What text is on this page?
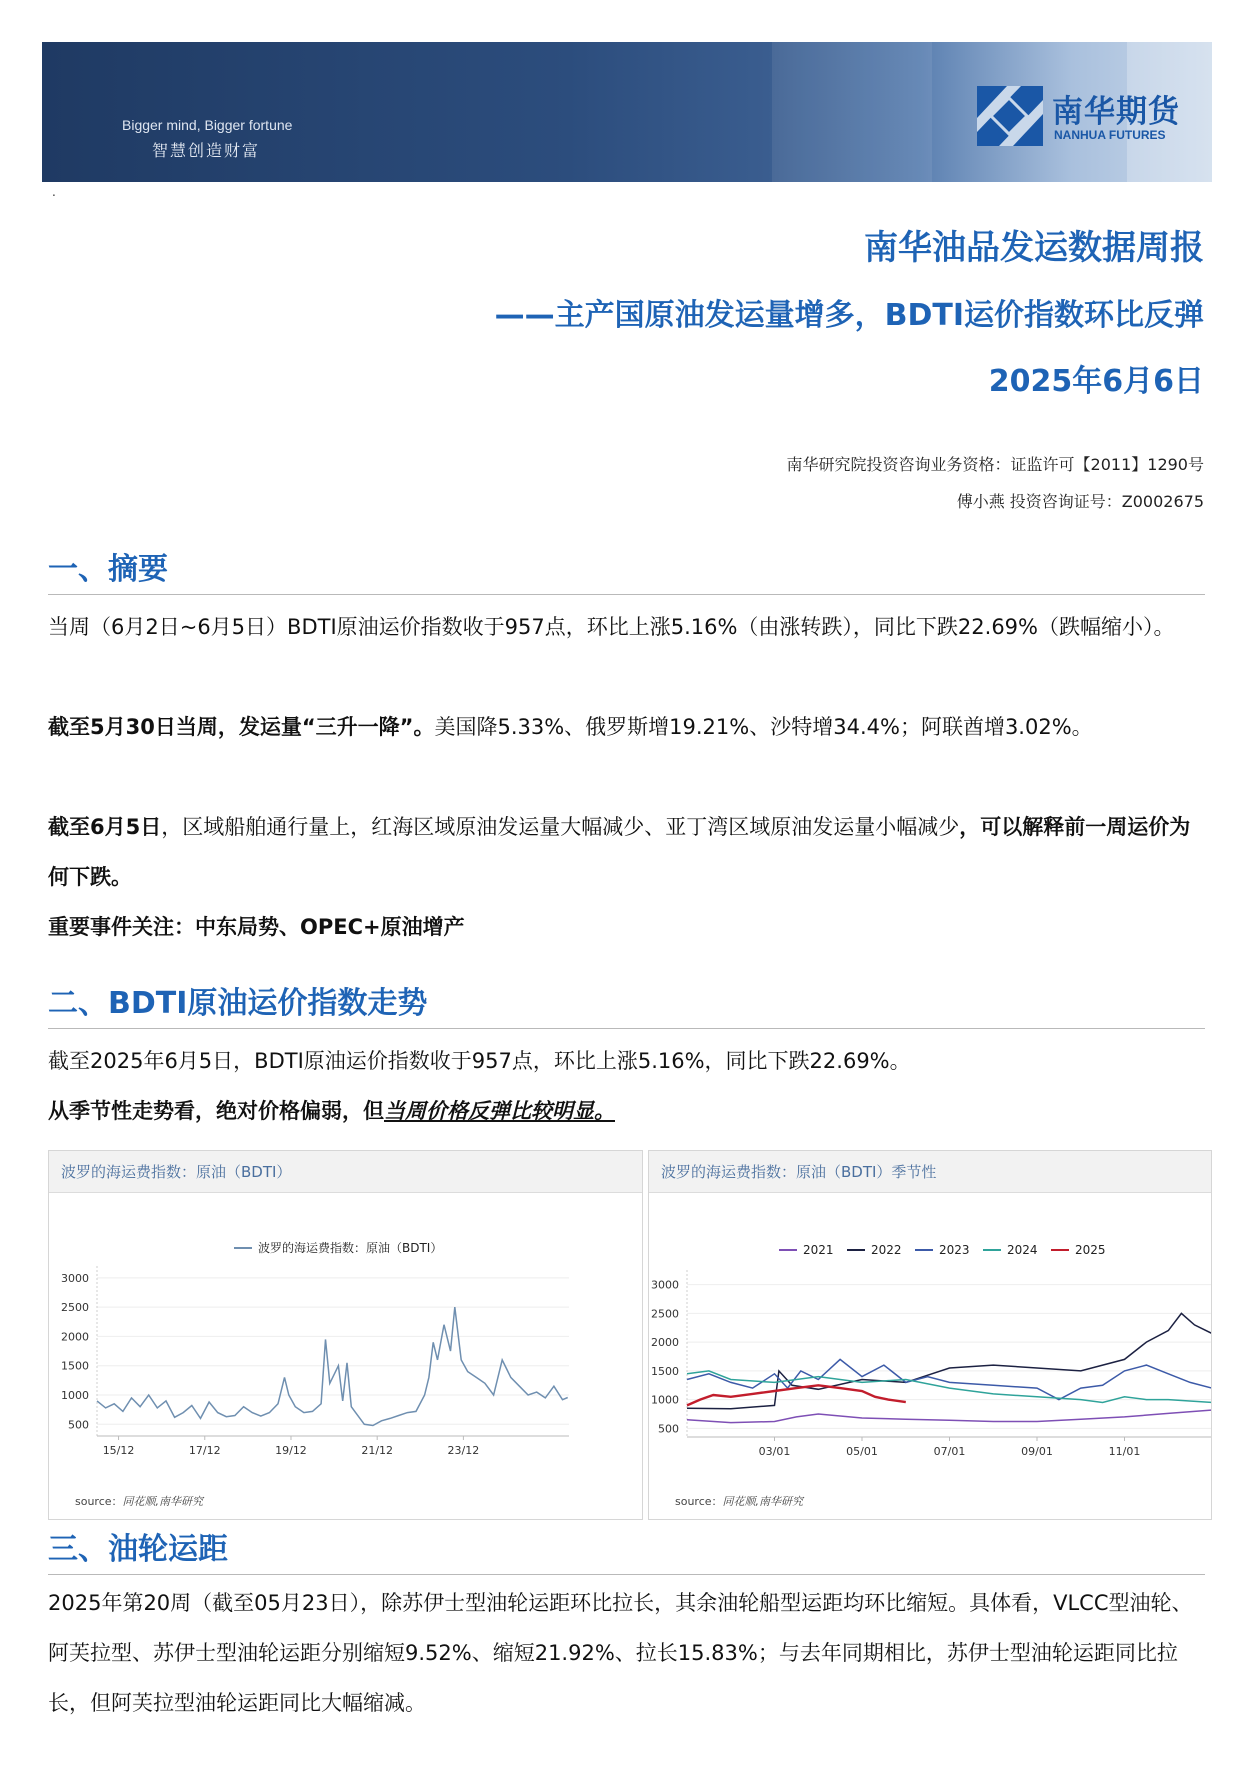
Bigger mind, Bigger fortune
智慧创造财富
南华期货
NANHUA FUTURES
.
南华油品发运数据周报
——主产国原油发运量增多，BDTI运价指数环比反弹
2025年6月6日
南华研究院投资咨询业务资格：证监许可【2011】1290号
傅小燕 投资咨询证号：Z0002675
一、摘要
当周（6月2日~6月5日）BDTI原油运价指数收于957点，环比上涨5.16%（由涨转跌），同比下跌22.69%（跌幅缩小）。
截至5月30日当周，发运量“三升一降”。美国降5.33%、俄罗斯增19.21%、沙特增34.4%；阿联酋增3.02%。
截至6月5日，区域船舶通行量上，红海区域原油发运量大幅减少、亚丁湾区域原油发运量小幅减少，可以解释前一周运价为何下跌。
重要事件关注：中东局势、OPEC+原油增产
二、BDTI原油运价指数走势
截至2025年6月5日，BDTI原油运价指数收于957点，环比上涨5.16%，同比下跌22.69%。
从季节性走势看，绝对价格偏弱，但当周价格反弹比较明显。
波罗的海运费指数：原油（BDTI）
500
1000
1500
2000
2500
3000
15/12	17/12	19/12	21/12	23/12
波罗的海运费指数：原油（BDTI）
source：同花顺,南华研究
波罗的海运费指数：原油（BDTI）季节性
500
1000
1500
2000
2500
3000
03/01	05/01	07/01	09/01	11/01
2021	2022	2023	2024	2025
source：同花顺,南华研究
三、油轮运距
2025年第20周（截至05月23日），除苏伊士型油轮运距环比拉长，其余油轮船型运距均环比缩短。具体看，VLCC型油轮、阿芙拉型、苏伊士型油轮运距分别缩短9.52%、缩短21.92%、拉长15.83%；与去年同期相比，苏伊士型油轮运距同比拉长，但阿芙拉型油轮运距同比大幅缩减。
